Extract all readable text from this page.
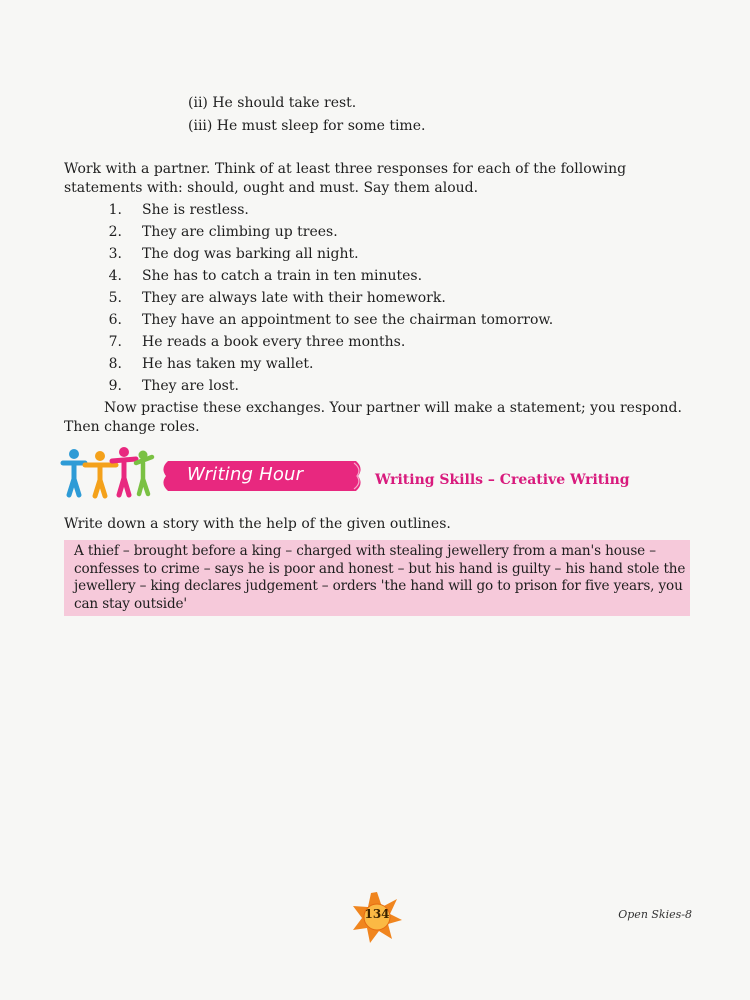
(ii) He should take rest.
(iii) He must sleep for some time.
Work with a partner. Think of at least three responses for each of the following statements with: should, ought and must. Say them aloud.
1. She is restless.
2. They are climbing up trees.
3. The dog was barking all night.
4. She has to catch a train in ten minutes.
5. They are always late with their homework.
6. They have an appointment to see the chairman tomorrow.
7. He reads a book every three months.
8. He has taken my wallet.
9. They are lost.
Now practise these exchanges. Your partner will make a statement; you respond. Then change roles.
Writing Hour	Writing Skills – Creative Writing
Write down a story with the help of the given outlines.
A thief – brought before a king – charged with stealing jewellery from a man's house – confesses to crime – says he is poor and honest – but his hand is guilty – his hand stole the jewellery – king declares judgement – orders 'the hand will go to prison for five years, you can stay outside'
134	Open Skies-8
